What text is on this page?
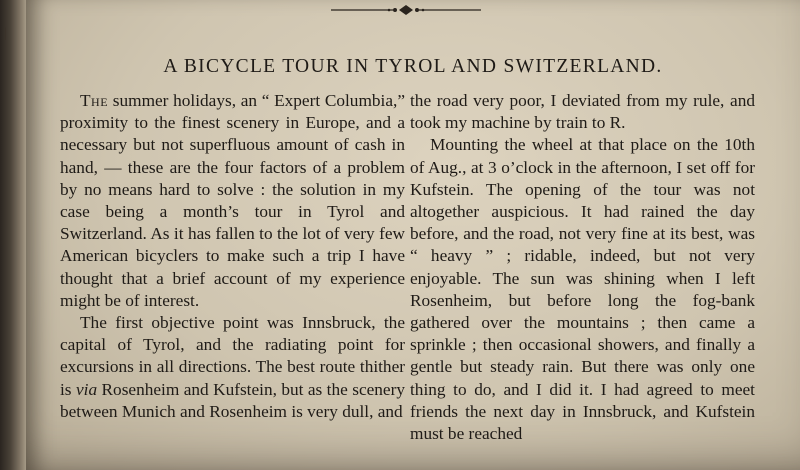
|
A BICYCLE TOUR IN TYROL AND SWITZERLAND.

The summer holidays, an “ Expert Columbia,” proximity to the finest scenery in Europe, and a necessary but not superfluous amount of cash in hand, — these are the four factors of a problem by no means hard to solve : the solution in my case being a month’s tour in Tyrol and Switzerland. As it has fallen to the lot of very few American bicyclers to make such a trip I have thought that a brief account of my experience might be of interest.

The first objective point was Innsbruck, the capital of Tyrol, and the radiating point for excursions in all directions. The best route thither is via Rosenheim and Kufstein, but as the scenery between Munich and Rosenheim is very dull, and

the road very poor, I deviated from my rule, and took my machine by train to R.

Mounting the wheel at that place on the 10th of Aug., at 3 o’clock in the afternoon, I set off for Kufstein. The opening of the tour was not altogether auspicious. It had rained the day before, and the road, not very fine at its best, was “ heavy ” ; ridable, indeed, but not very enjoyable. The sun was shining when I left Rosenheim, but before long the fog-bank gathered over the mountains ; then came a sprinkle ; then occasional showers, and finally a gentle but steady rain. But there was only one thing to do, and I did it. I had agreed to meet friends the next day in Innsbruck, and Kufstein must be reached
